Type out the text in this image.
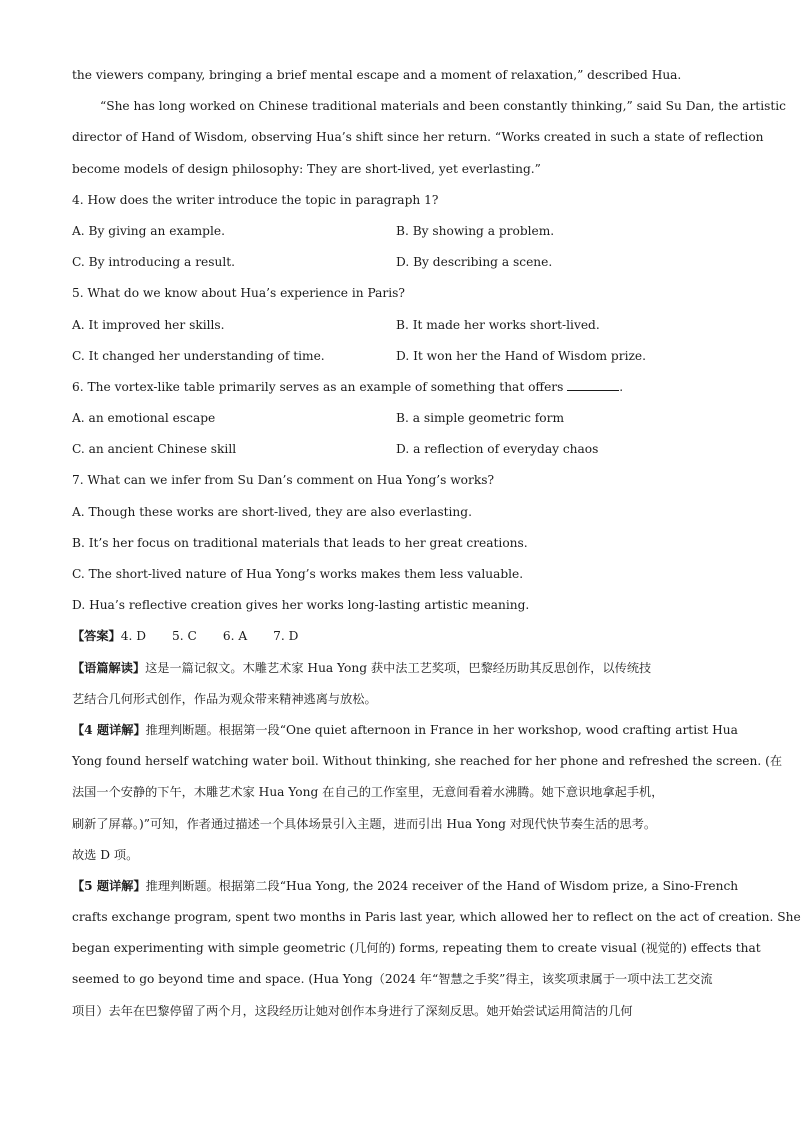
the viewers company, bringing a brief mental escape and a moment of relaxation,” described Hua.
“She has long worked on Chinese traditional materials and been constantly thinking,” said Su Dan, the artistic
director of Hand of Wisdom, observing Hua’s shift since her return. “Works created in such a state of reflection
become models of design philosophy: They are short-lived, yet everlasting.”
4. How does the writer introduce the topic in paragraph 1?
A. By giving an example.	B. By showing a problem.
C. By introducing a result.	D. By describing a scene.
5. What do we know about Hua’s experience in Paris?
A. It improved her skills.	B. It made her works short-lived.
C. It changed her understanding of time.	D. It won her the Hand of Wisdom prize.
6. The vortex-like table primarily serves as an example of something that offers	.
A. an emotional escape	B. a simple geometric form
C. an ancient Chinese skill	D. a reflection of everyday chaos
7. What can we infer from Su Dan’s comment on Hua Yong’s works?
A. Though these works are short-lived, they are also everlasting.
B. It’s her focus on traditional materials that leads to her great creations.
C. The short-lived nature of Hua Yong’s works makes them less valuable.
D. Hua’s reflective creation gives her works long-lasting artistic meaning.
【答案】4. D 5. C 6. A 7. D
【语篇解读】这是一篇记叙文。木雕艺术家 Hua Yong 获中法工艺奖项，巴黎经历助其反思创作，以传统技
艺结合几何形式创作，作品为观众带来精神逃离与放松。
【4 题详解】推理判断题。根据第一段“One quiet afternoon in France in her workshop, wood crafting artist Hua
Yong found herself watching water boil. Without thinking, she reached for her phone and refreshed the screen. (在
法国一个安静的下午，木雕艺术家 Hua Yong 在自己的工作室里，无意间看着水沸腾。她下意识地拿起手机，
刷新了屏幕。)”可知，作者通过描述一个具体场景引入主题，进而引出 Hua Yong 对现代快节奏生活的思考。
故选 D 项。
【5 题详解】推理判断题。根据第二段“Hua Yong, the 2024 receiver of the Hand of Wisdom prize, a Sino-French
crafts exchange program, spent two months in Paris last year, which allowed her to reflect on the act of creation. She
began experimenting with simple geometric (几何的) forms, repeating them to create visual (视觉的) effects that
seemed to go beyond time and space. (Hua Yong（2024 年“智慧之手奖”得主，该奖项隶属于一项中法工艺交流
项目）去年在巴黎停留了两个月，这段经历让她对创作本身进行了深刻反思。她开始尝试运用简洁的几何
